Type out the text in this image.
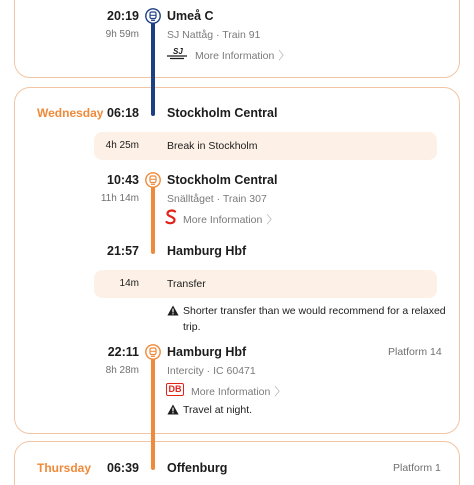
20:19 Umeå C
9h 59m	SJ Nattåg · Train 91
SJ More Information 〉
Wednesday 06:18 Stockholm Central
4h 25m	Break in Stockholm
10:43 Stockholm Central
11h 14m	Snälltåget · Train 307
More Information 〉
21:57 Hamburg Hbf
14m	Transfer
Shorter transfer than we would recommend for a relaxed trip.
22:11 Hamburg Hbf	Platform 14
8h 28m	Intercity · IC 60471
DB More Information 〉
Travel at night.
Thursday	06:39 Offenburg	Platform 1
